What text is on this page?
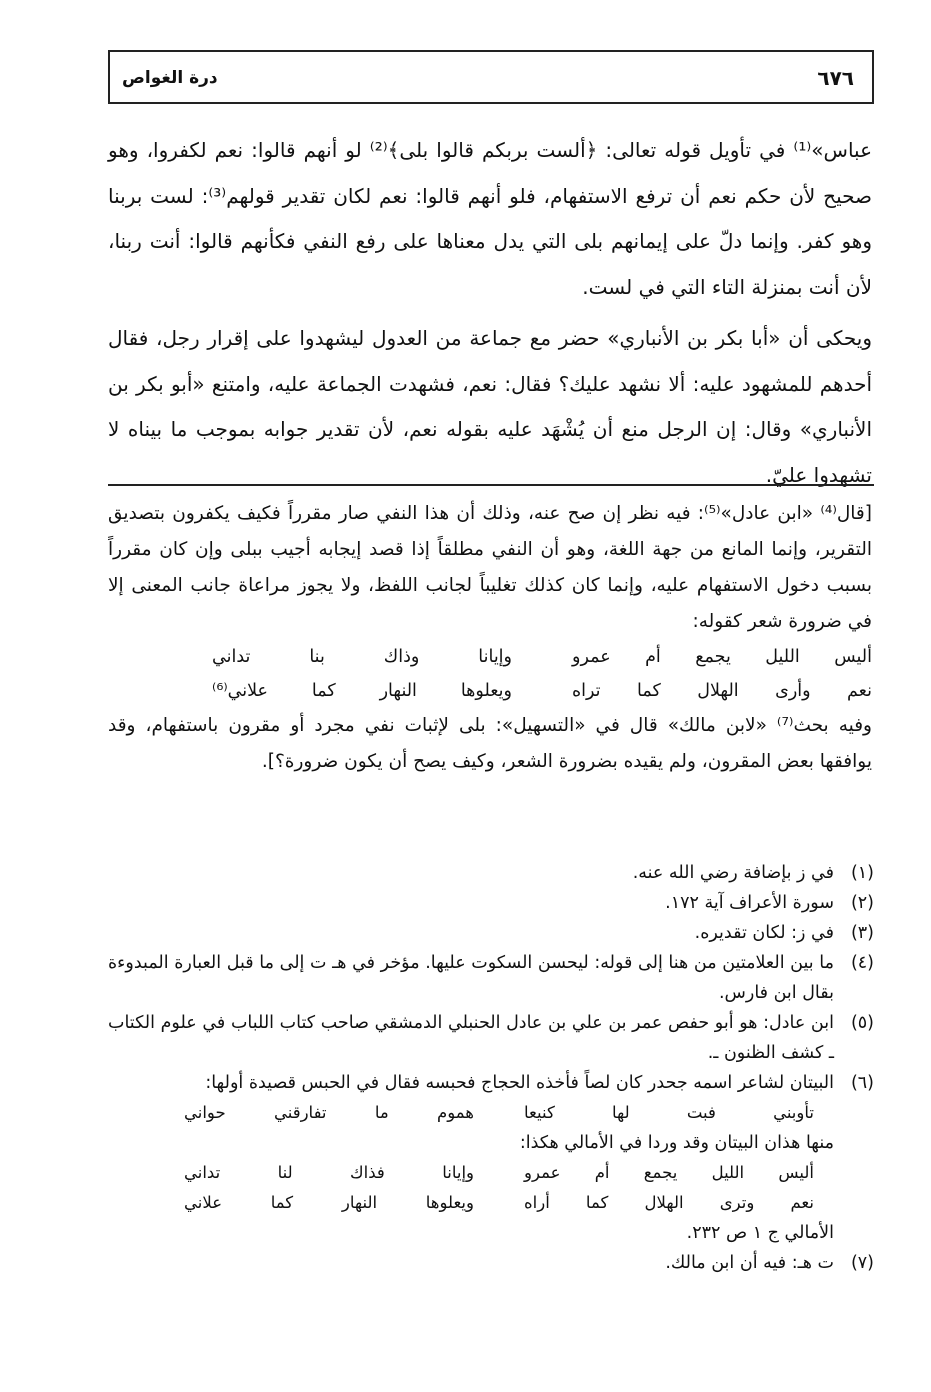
٦٧٦
درة الغواص

عباس»⁽¹⁾ في تأويل قوله تعالى: ﴿ألست بربكم قالوا بلى﴾⁽²⁾ لو أنهم قالوا: نعم لكفروا، وهو صحيح لأن حكم نعم أن ترفع الاستفهام، فلو أنهم قالوا: نعم لكان تقدير قولهم⁽³⁾: لست بربنا وهو كفر. وإنما دلّ على إيمانهم بلى التي يدل معناها على رفع النفي فكأنهم قالوا: أنت ربنا، لأن أنت بمنزلة التاء التي في لست.

ويحكى أن «أبا بكر بن الأنباري» حضر مع جماعة من العدول ليشهدوا على إقرار رجل، فقال أحدهم للمشهود عليه: ألا نشهد عليك؟ فقال: نعم، فشهدت الجماعة عليه، وامتنع «أبو بكر بن الأنباري» وقال: إن الرجل منع أن يُشْهَد عليه بقوله نعم، لأن تقدير جوابه بموجب ما بيناه لا تشهدوا عليّ.

[قال⁽⁴⁾ «ابن عادل»⁽⁵⁾: فيه نظر إن صح عنه، وذلك أن هذا النفي صار مقرراً فكيف يكفرون بتصديق التقرير، وإنما المانع من جهة اللغة، وهو أن النفي مطلقاً إذا قصد إيجابه أجيب ببلى وإن كان مقرراً بسبب دخول الاستفهام عليه، وإنما كان كذلك تغليباً لجانب اللفظ، ولا يجوز مراعاة جانب المعنى إلا في ضرورة شعر كقوله:

أليس الليل يجمع أم عمرو
وإيانا وذاك بنا تداني
نعم وأرى الهلال كما تراه
ويعلوها النهار كما علاني⁽⁶⁾

وفيه بحث⁽⁷⁾ «لابن مالك» قال في «التسهيل»: بلى لإثبات نفي مجرد أو مقرون باستفهام، وقد يوافقها بعض المقرون، ولم يقيده بضرورة الشعر، وكيف يصح أن يكون ضرورة؟].

(١)
في ز بإضافة رضي الله عنه.
(٢)
سورة الأعراف آية ١٧٢.
(٣)
في ز: لكان تقديره.
(٤)
ما بين العلامتين من هنا إلى قوله: ليحسن السكوت عليها. مؤخر في هـ ت إلى ما قبل العبارة المبدوءة بقال ابن فارس.
(٥)
ابن عادل: هو أبو حفص عمر بن علي بن عادل الحنبلي الدمشقي صاحب كتاب اللباب في علوم الكتاب ـ كشف الظنون ـ.
(٦)
البيتان لشاعر اسمه جحدر كان لصاً فأخذه الحجاج فحبسه فقال في الحبس قصيدة أولها:
تأوبني فبت لها كنيعا
هموم ما تفارقني حواني
منها هذان البيتان وقد وردا في الأمالي هكذا:
أليس الليل يجمع أم عمرو
وإيانا فذاك لنا تداني
نعم وترى الهلال كما أراه
ويعلوها النهار كما علاني
الأمالي ج ١ ص ٢٣٢.
(٧)
ت هـ: فيه أن ابن مالك.
